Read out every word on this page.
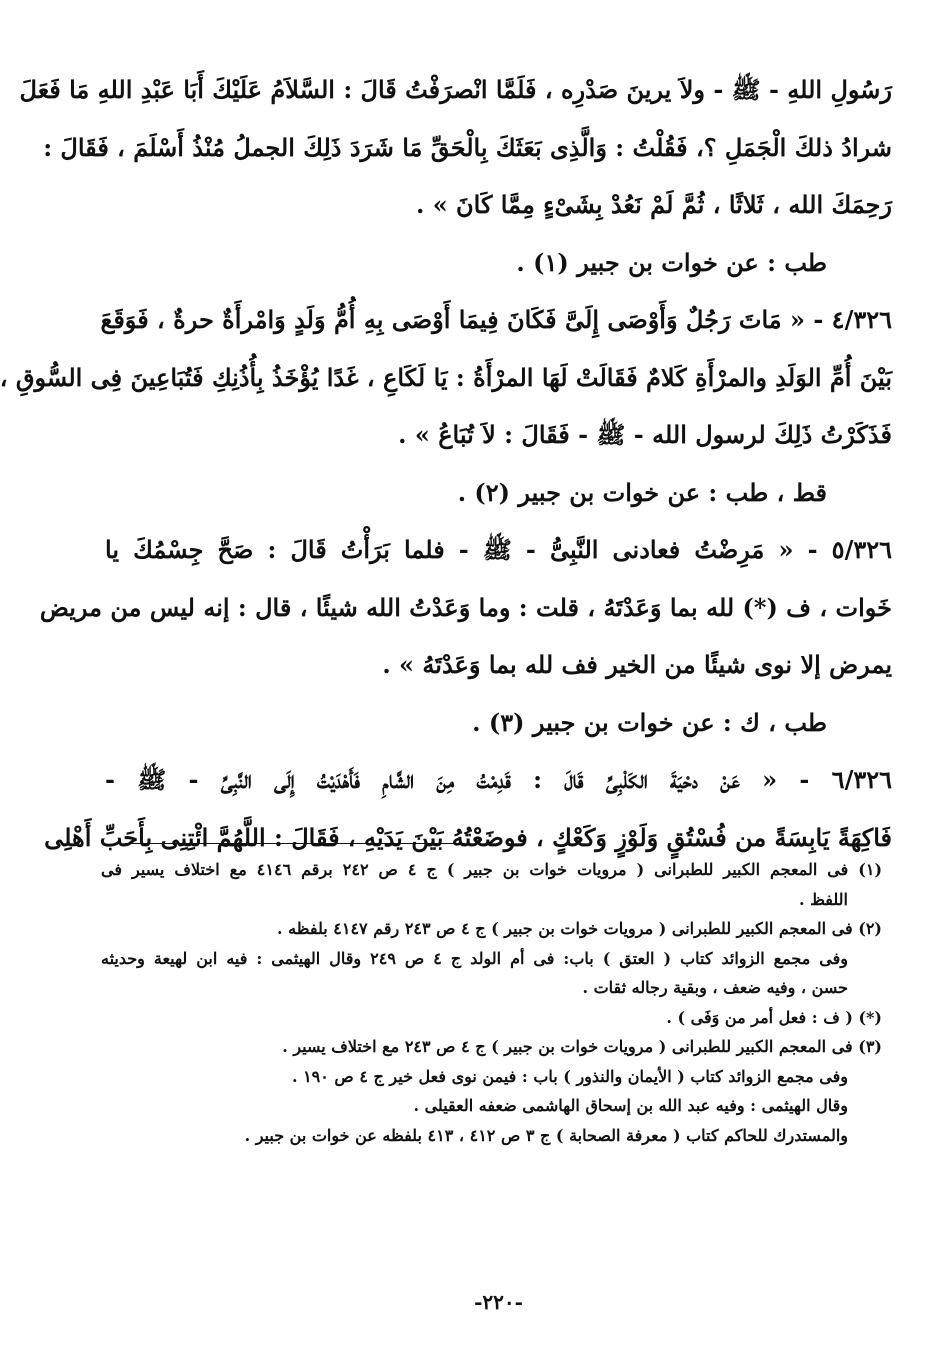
رَسُولِ اللهِ - ﷺ - ولاَ يرينَ صَدْرِه ، فَلَمَّا انْصرَفْتُ قَالَ : السَّلاَمُ عَلَيْكَ أَبَا عَبْدِ اللهِ مَا فَعَلَ
شرادُ ذلكَ الْجَمَلِ ؟، فَقُلْتُ : وَالَّذِى بَعَثَكَ بِالْحَقِّ مَا شَرَدَ ذَلِكَ الجملُ مُنْذُ أَسْلَمَ ، فَقَالَ :
رَحِمَكَ الله ، ثَلاثًا ، ثُمَّ لَمْ نَعُدْ بِشَىْءٍ مِمَّا كَانَ » .
طب : عن خوات بن جبير (١) .
٤/٣٢٦ - « مَاتَ رَجُلٌ وَأَوْصَى إِلَىَّ فَكَانَ فِيمَا أَوْصَى بِهِ أُمُّ وَلَدٍ وَامْرأَةٌ حرةٌ ، فَوَقَعَ
بَيْنَ أُمِّ الوَلَدِ والمرْأَةِ كَلامٌ فَقَالَتْ لَهَا المرْأَةُ : يَا لَكَاعِ ، غَدًا يُؤْخَذُ بِأُذُنِكِ فَتُبَاعِينَ فِى السُّوقِ ،
فَذَكَرْتُ ذَلِكَ لرسول الله - ﷺ - فَقَالَ : لاَ تُبَاعُ » .
قط ، طب : عن خوات بن جبير (٢) .
٥/٣٢٦ - « مَرِضْتُ فعادنى النَّبِىُّ - ﷺ - فلما بَرَأْتُ قَالَ : صَحَّ جِسْمُكَ يا
خَوات ، ف (*) لله بما وَعَدْتَهُ ، قلت : وما وَعَدْتُ الله شيئًا ، قال : إنه ليس من مريض
يمرض إلا نوى شيئًا من الخير فف لله بما وَعَدْتَهُ » .
طب ، ك : عن خوات بن جبير (٣) .
٦/٣٢٦ - « عَنْ دحْيَةَ الكَلْبِىِّ قَالَ : قَدِمْتُ مِنَ الشَّامِ فَأَهْدَيْتُ إِلَى النَّبِىِّ - ﷺ -
فَاكِهَةً يَابِسَةً من فُسْتُقٍ وَلَوْزٍ وَكَعْكٍ ، فوضَعْتُهُ بَيْنَ يَدَيْهِ ، فَقَالَ : اللَّهُمَّ ائْتِنِى بِأَحَبِّ أَهْلِى
(١) فى المعجم الكبير للطبرانى ( مرويات خوات بن جبير ) ج ٤ ص ٢٤٢ برقم ٤١٤٦ مع اختلاف يسير فى
اللفظ .
(٢) فى المعجم الكبير للطبرانى ( مرويات خوات بن جبير ) ج ٤ ص ٢٤٣ رقم ٤١٤٧ بلفظه .
وفى مجمع الزوائد كتاب ( العتق ) باب: فى أم الولد ج ٤ ص ٢٤٩ وقال الهيثمى : فيه ابن لهيعة وحديثه
حسن ، وفيه ضعف ، وبقية رجاله ثقات .
(*) ( ف : فعل أمر من وَفَى ) .
(٣) فى المعجم الكبير للطبرانى ( مرويات خوات بن جبير ) ج ٤ ص ٢٤٣ مع اختلاف يسير .
وفى مجمع الزوائد كتاب ( الأيمان والنذور ) باب : فيمن نوى فعل خير ج ٤ ص ١٩٠ .
وقال الهيثمى : وفيه عبد الله بن إسحاق الهاشمى ضعفه العقيلى .
والمستدرك للحاكم كتاب ( معرفة الصحابة ) ج ٣ ص ٤١٢ ، ٤١٣ بلفظه عن خوات بن جبير .
-٢٢٠-
